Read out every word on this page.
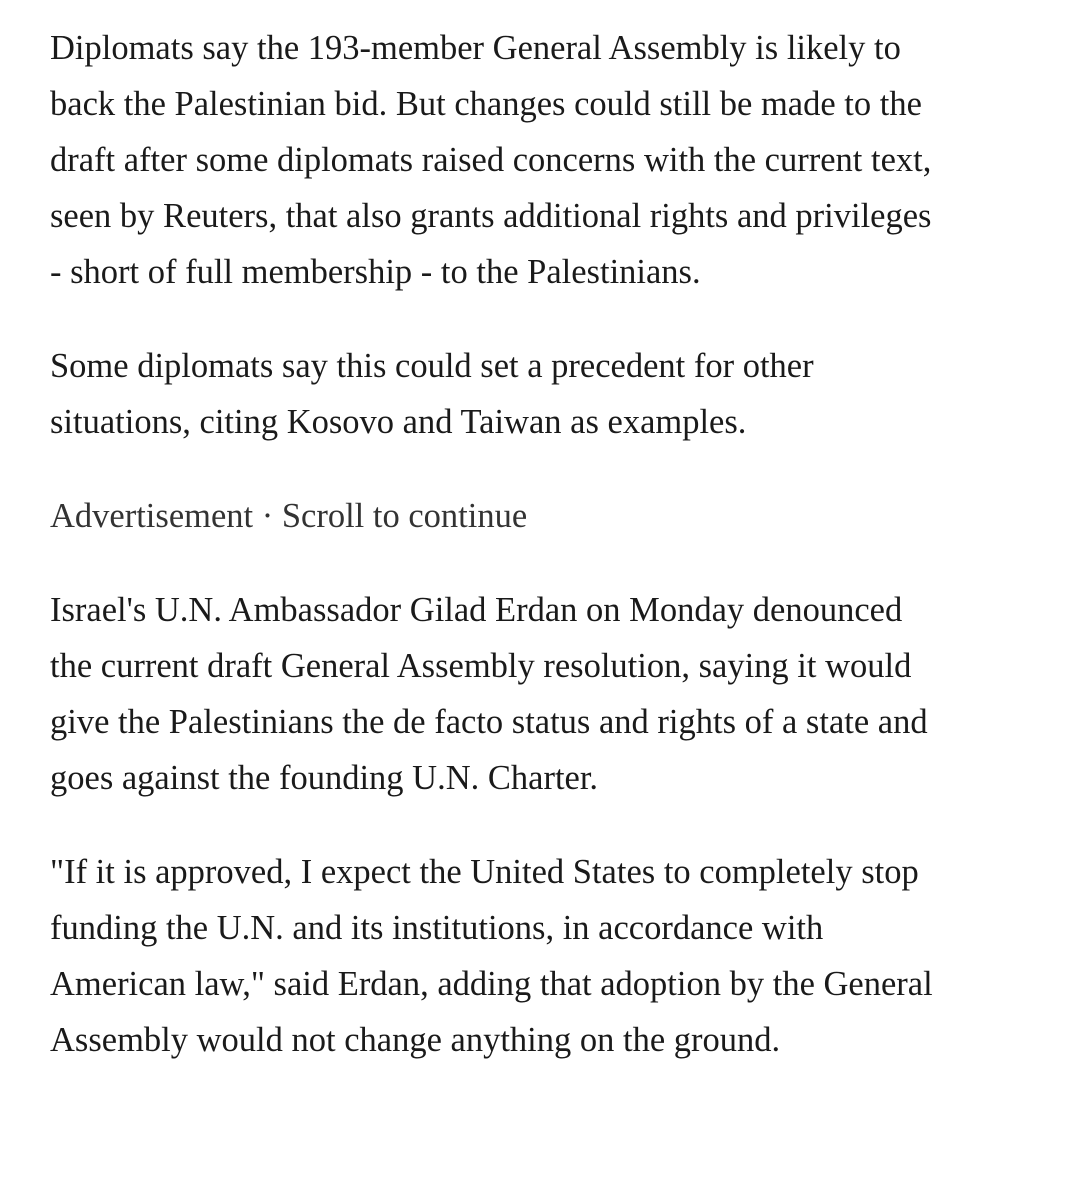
Diplomats say the 193-member General Assembly is likely to
back the Palestinian bid. But changes could still be made to the
draft after some diplomats raised concerns with the current text,
seen by Reuters, that also grants additional rights and privileges
- short of full membership - to the Palestinians.

Some diplomats say this could set a precedent for other
situations, citing Kosovo and Taiwan as examples.

Advertisement · Scroll to continue

Israel's U.N. Ambassador Gilad Erdan on Monday denounced
the current draft General Assembly resolution, saying it would
give the Palestinians the de facto status and rights of a state and
goes against the founding U.N. Charter.

"If it is approved, I expect the United States to completely stop
funding the U.N. and its institutions, in accordance with
American law," said Erdan, adding that adoption by the General
Assembly would not change anything on the ground.
